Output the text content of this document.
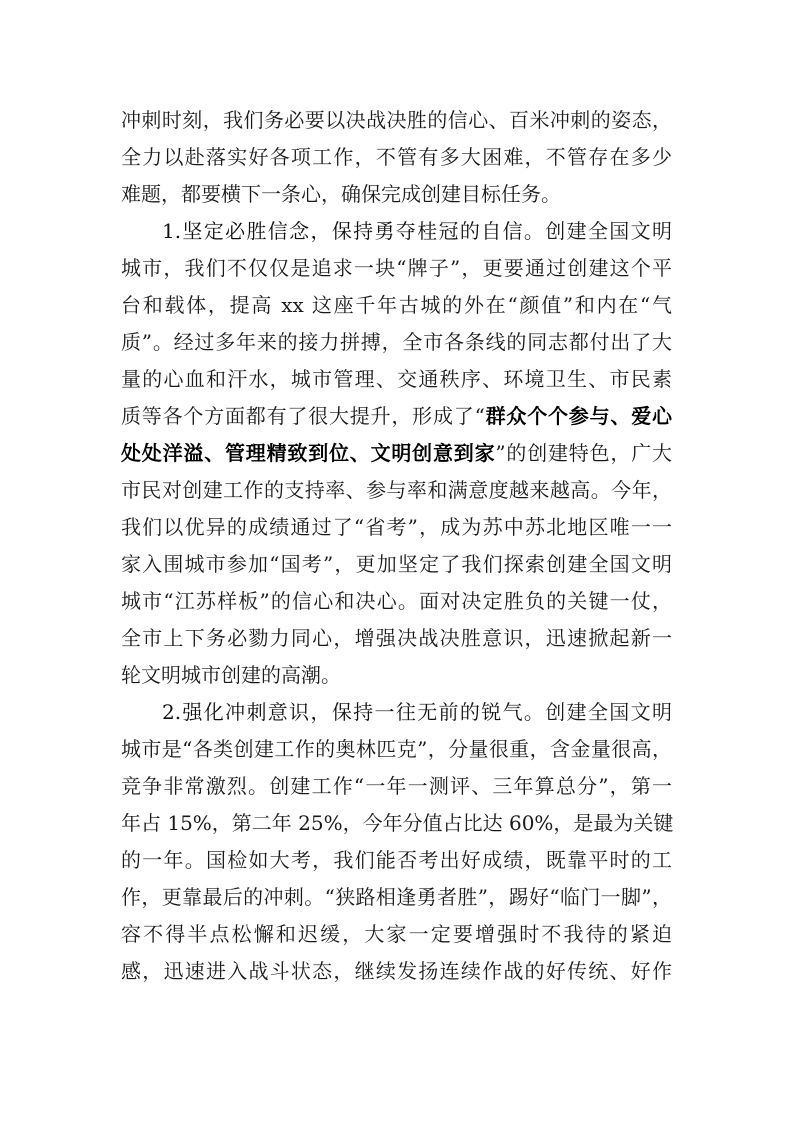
冲刺时刻，我们务必要以决战决胜的信心、百米冲刺的姿态，
全力以赴落实好各项工作，不管有多大困难，不管存在多少
难题，都要横下一条心，确保完成创建目标任务。
1.坚定必胜信念，保持勇夺桂冠的自信。创建全国文明
城市，我们不仅仅是追求一块“牌子”，更要通过创建这个平
台和载体，提高 xx 这座千年古城的外在“颜值”和内在“气
质”。经过多年来的接力拼搏，全市各条线的同志都付出了大
量的心血和汗水，城市管理、交通秩序、环境卫生、市民素
质等各个方面都有了很大提升，形成了“群众个个参与、爱心
处处洋溢、管理精致到位、文明创意到家”的创建特色，广大
市民对创建工作的支持率、参与率和满意度越来越高。今年，
我们以优异的成绩通过了“省考”，成为苏中苏北地区唯一一
家入围城市参加“国考”，更加坚定了我们探索创建全国文明
城市“江苏样板”的信心和决心。面对决定胜负的关键一仗，
全市上下务必勠力同心，增强决战决胜意识，迅速掀起新一
轮文明城市创建的高潮。
2.强化冲刺意识，保持一往无前的锐气。创建全国文明
城市是“各类创建工作的奥林匹克”，分量很重，含金量很高，
竞争非常激烈。创建工作“一年一测评、三年算总分”，第一
年占 15%，第二年 25%，今年分值占比达 60%，是最为关键
的一年。国检如大考，我们能否考出好成绩，既靠平时的工
作，更靠最后的冲刺。“狭路相逢勇者胜”，踢好“临门一脚”，
容不得半点松懈和迟缓，大家一定要增强时不我待的紧迫
感，迅速进入战斗状态，继续发扬连续作战的好传统、好作
